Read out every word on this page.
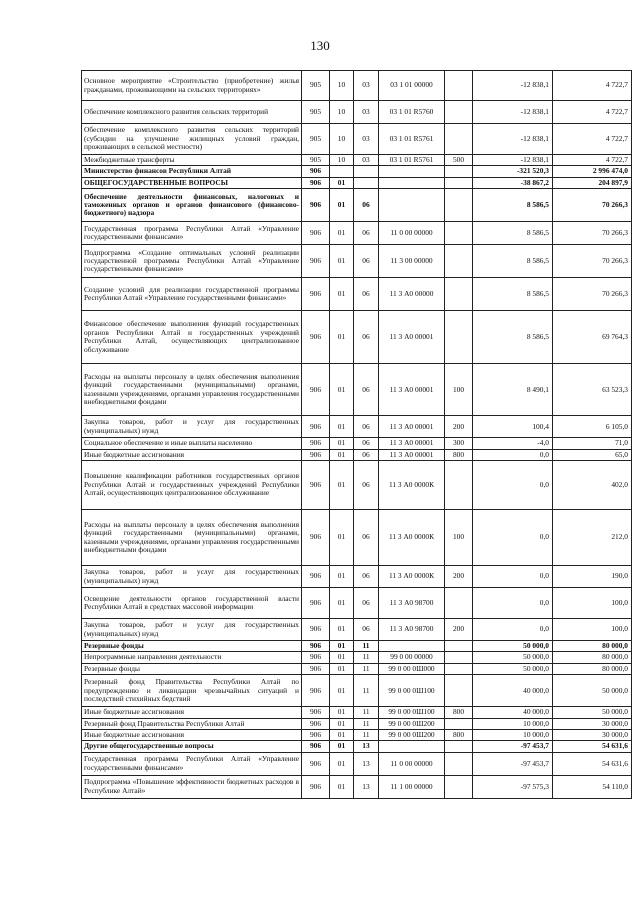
130
Основное мероприятие «Строительство (приобретение) жилья гражданами, проживающими на сельских территориях»	905	10	03	03 1 01 00000		-12 838,1	4 722,7
Обеспечение комплексного развития сельских территорий	905	10	03	03 1 01 R5760		-12 838,1	4 722,7
Обеспечение комплексного развития сельских территорий (субсидии на улучшение жилищных условий граждан, проживающих в сельской местности)	905	10	03	03 1 01 R5761		-12 838,1	4 722,7
Межбюджетные трансферты	905	10	03	03 1 01 R5761	500	-12 838,1	4 722,7
Министерство финансов Республики Алтай	906					-321 520,3	2 996 474,0
ОБЩЕГОСУДАРСТВЕННЫЕ ВОПРОСЫ	906	01				-38 867,2	204 897,9
Обеспечение деятельности финансовых, налоговых и таможенных органов и органов финансового (финансово-бюджетного) надзора	906	01	06			8 586,5	70 266,3
Государственная программа Республики Алтай «Управление государственными финансами»	906	01	06	11 0 00 00000		8 586,5	70 266,3
Подпрограмма «Создание оптимальных условий реализации государственной программы Республики Алтай «Управление государственными финансами»	906	01	06	11 3 00 00000		8 586,5	70 266,3
Создание условий для реализации государственной программы Республики Алтай «Управление государственными финансами»	906	01	06	11 3 А0 00000		8 586,5	70 266,3
Финансовое обеспечение выполнения функций государственных органов Республики Алтай и государственных учреждений Республики Алтай, осуществляющих централизованное обслуживание	906	01	06	11 3 А0 00001		8 586,5	69 764,3
Расходы на выплаты персоналу в целях обеспечения выполнения функций государственными (муниципальными) органами, казенными учреждениями, органами управления государственными внебюджетными фондами	906	01	06	11 3 А0 00001	100	8 490,1	63 523,3
Закупка товаров, работ и услуг для государственных (муниципальных) нужд	906	01	06	11 3 А0 00001	200	100,4	6 105,0
Социальное обеспечение и иные выплаты населению	906	01	06	11 3 А0 00001	300	-4,0	71,0
Иные бюджетные ассигнования	906	01	06	11 3 А0 00001	800	0,0	65,0
Повышение квалификации работников государственных органов Республики Алтай и государственных учреждений Республики Алтай, осуществляющих централизованное обслуживание	906	01	06	11 3 А0 0000К		0,0	402,0
Расходы на выплаты персоналу в целях обеспечения выполнения функций государственными (муниципальными) органами, казенными учреждениями, органами управления государственными внебюджетными фондами	906	01	06	11 3 А0 0000К	100	0,0	212,0
Закупка товаров, работ и услуг для государственных (муниципальных) нужд	906	01	06	11 3 А0 0000К	200	0,0	190,0
Освещение деятельности органов государственной власти Республики Алтай в средствах массовой информации	906	01	06	11 3 А0 98700		0,0	100,0
Закупка товаров, работ и услуг для государственных (муниципальных) нужд	906	01	06	11 3 А0 98700	200	0,0	100,0
Резервные фонды	906	01	11			50 000,0	80 000,0
Непрограммные направления деятельности	906	01	11	99 0 00 00000		50 000,0	80 000,0
Резервные фонды	906	01	11	99 0 00 0Ш000		50 000,0	80 000,0
Резервный фонд Правительства Республики Алтай по предупреждению и ликвидации чрезвычайных ситуаций и последствий стихийных бедствий	906	01	11	99 0 00 0Ш100		40 000,0	50 000,0
Иные бюджетные ассигнования	906	01	11	99 0 00 0Ш100	800	40 000,0	50 000,0
Резервный фонд Правительства Республики Алтай	906	01	11	99 0 00 0Ш200		10 000,0	30 000,0
Иные бюджетные ассигнования	906	01	11	99 0 00 0Ш200	800	10 000,0	30 000,0
Другие общегосударственные вопросы	906	01	13			-97 453,7	54 631,6
Государственная программа Республики Алтай «Управление государственными финансами»	906	01	13	11 0 00 00000		-97 453,7	54 631,6
Подпрограмма «Повышение эффективности бюджетных расходов в Республике Алтай»	906	01	13	11 1 00 00000		-97 575,3	54 110,0
